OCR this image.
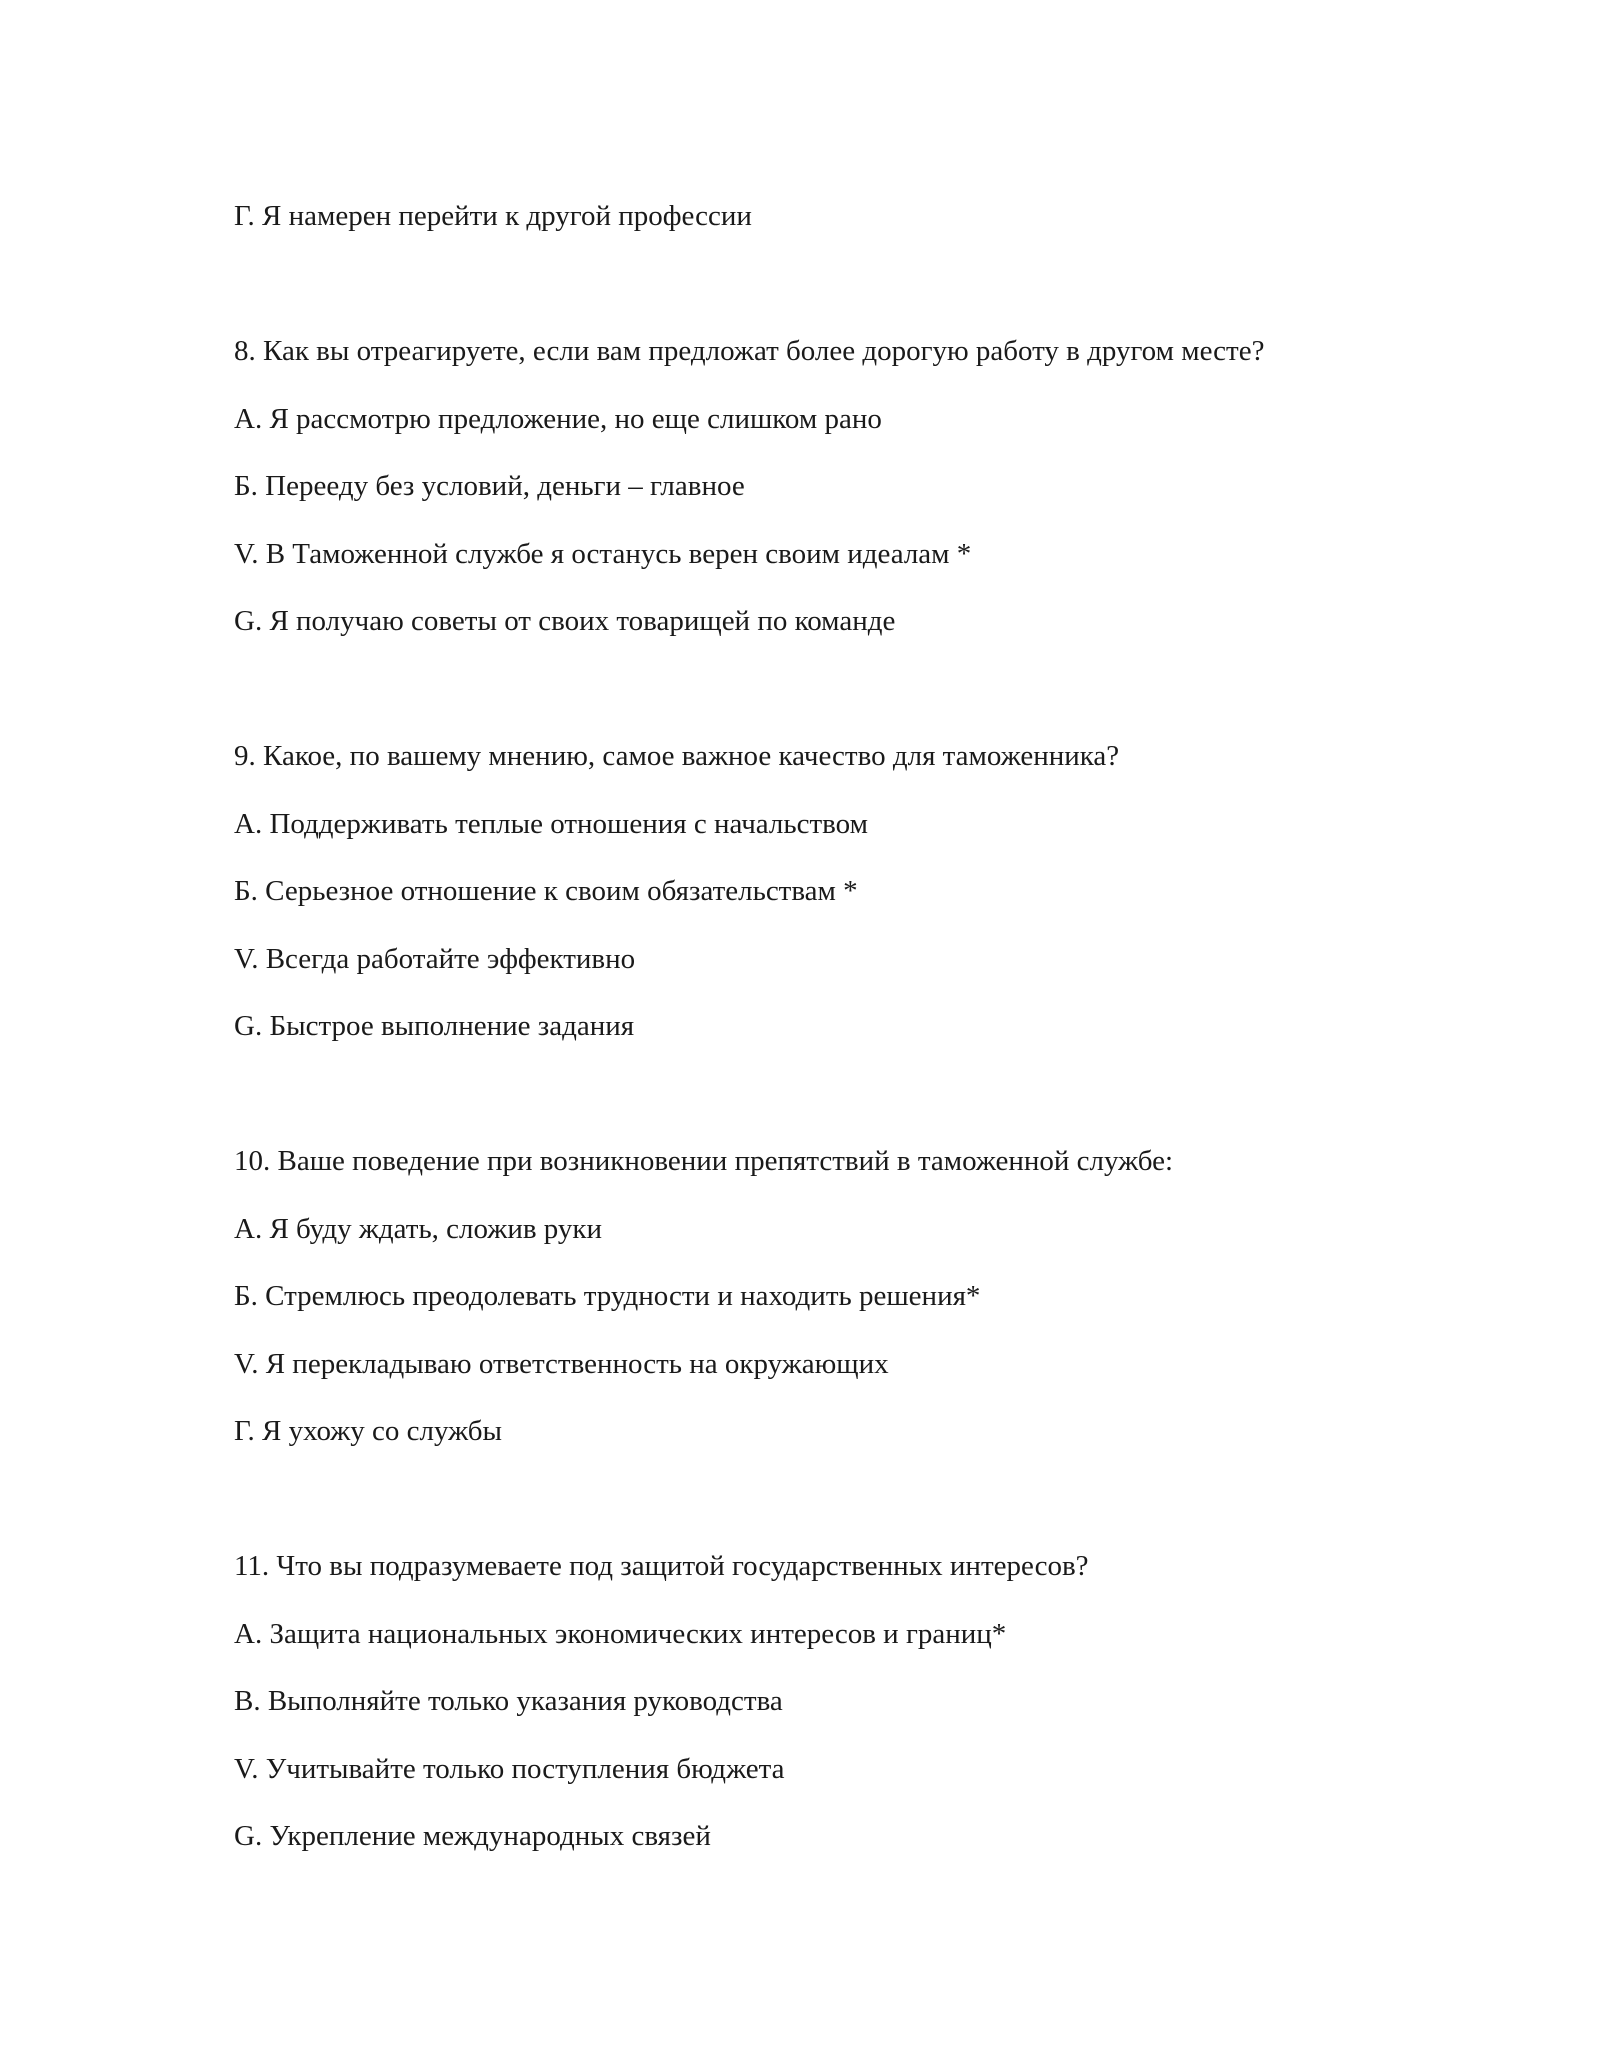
Г. Я намерен перейти к другой профессии
8. Как вы отреагируете, если вам предложат более дорогую работу в другом месте?
А. Я рассмотрю предложение, но еще слишком рано
Б. Перееду без условий, деньги – главное
V. В Таможенной службе я останусь верен своим идеалам *
G. Я получаю советы от своих товарищей по команде
9. Какое, по вашему мнению, самое важное качество для таможенника?
А. Поддерживать теплые отношения с начальством
Б. Серьезное отношение к своим обязательствам *
V. Всегда работайте эффективно
G. Быстрое выполнение задания
10. Ваше поведение при возникновении препятствий в таможенной службе:
А. Я буду ждать, сложив руки
Б. Стремлюсь преодолевать трудности и находить решения*
V. Я перекладываю ответственность на окружающих
Г. Я ухожу со службы
11. Что вы подразумеваете под защитой государственных интересов?
А. Защита национальных экономических интересов и границ*
В. Выполняйте только указания руководства
V. Учитывайте только поступления бюджета
G. Укрепление международных связей
